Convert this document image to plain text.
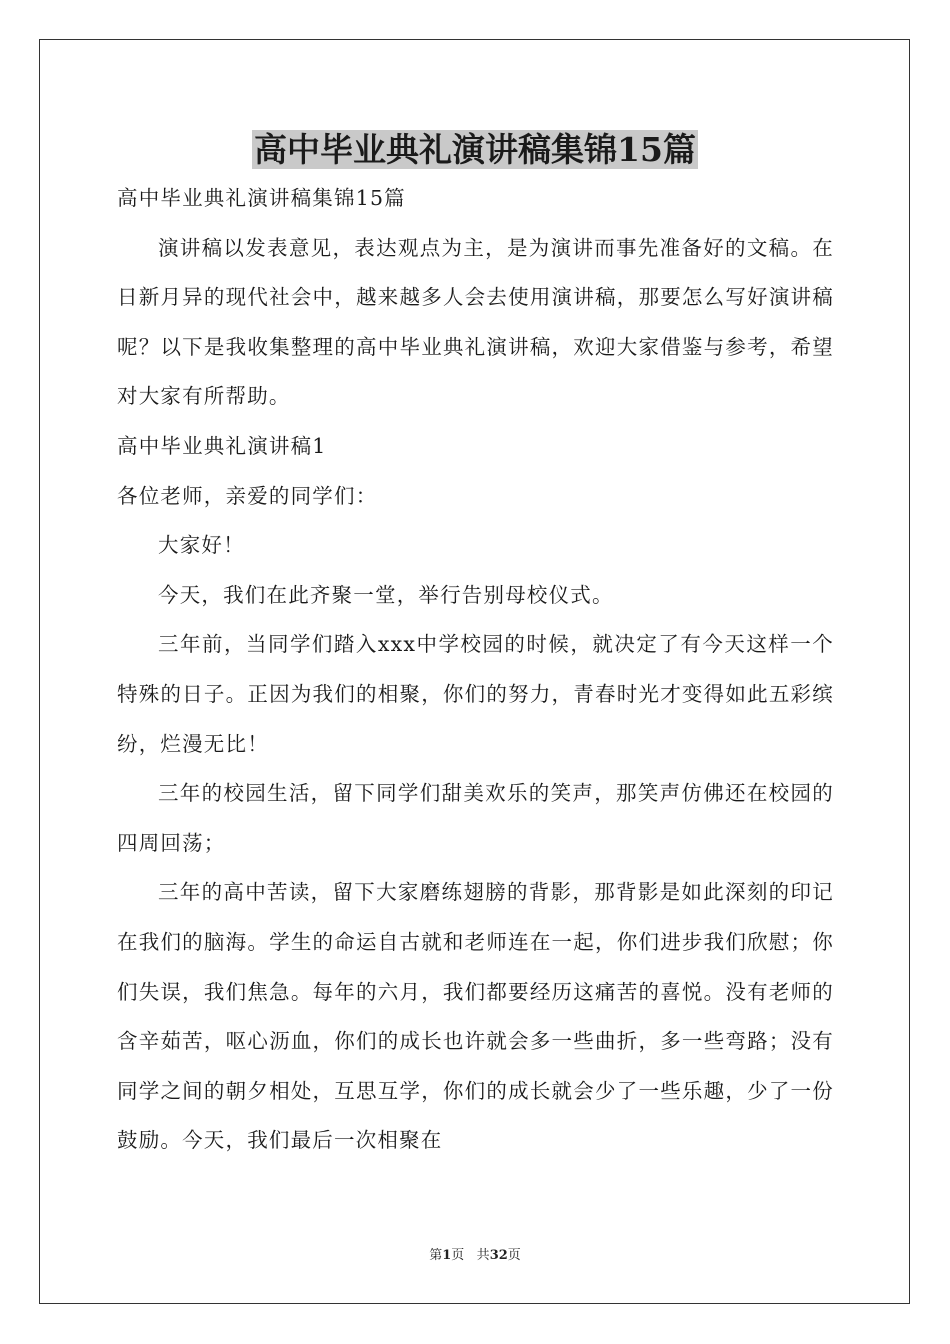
高中毕业典礼演讲稿集锦15篇

高中毕业典礼演讲稿集锦15篇

演讲稿以发表意见，表达观点为主，是为演讲而事先准备好的文稿。在日新月异的现代社会中，越来越多人会去使用演讲稿，那要怎么写好演讲稿呢？以下是我收集整理的高中毕业典礼演讲稿，欢迎大家借鉴与参考，希望对大家有所帮助。

高中毕业典礼演讲稿1

各位老师，亲爱的同学们：

大家好！

今天，我们在此齐聚一堂，举行告别母校仪式。

三年前，当同学们踏入xxx中学校园的时候，就决定了有今天这样一个特殊的日子。正因为我们的相聚，你们的努力，青春时光才变得如此五彩缤纷，烂漫无比！

三年的校园生活，留下同学们甜美欢乐的笑声，那笑声仿佛还在校园的四周回荡；

三年的高中苦读，留下大家磨练翅膀的背影，那背影是如此深刻的印记在我们的脑海。学生的命运自古就和老师连在一起，你们进步我们欣慰；你们失误，我们焦急。每年的六月，我们都要经历这痛苦的喜悦。没有老师的含辛茹苦，呕心沥血，你们的成长也许就会多一些曲折，多一些弯路；没有同学之间的朝夕相处，互思互学，你们的成长就会少了一些乐趣，少了一份鼓励。今天，我们最后一次相聚在

第1页 共32页
